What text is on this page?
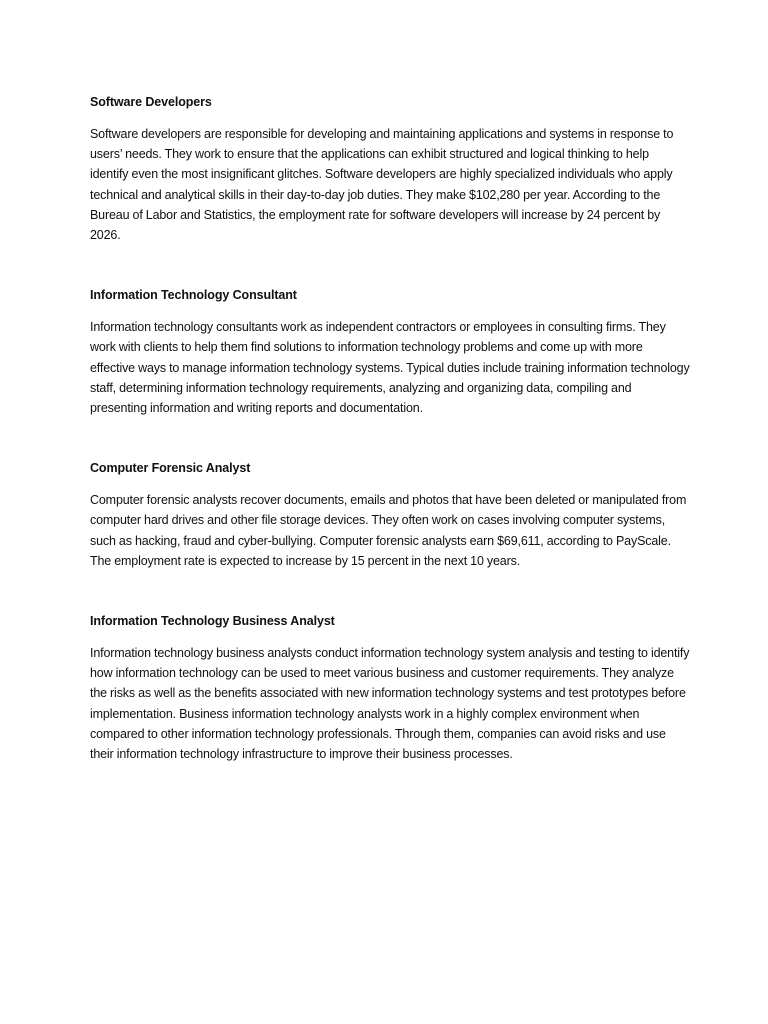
Software Developers

Software developers are responsible for developing and maintaining applications and systems in response to users’ needs. They work to ensure that the applications can exhibit structured and logical thinking to help identify even the most insignificant glitches. Software developers are highly specialized individuals who apply technical and analytical skills in their day-to-day job duties. They make $102,280 per year. According to the Bureau of Labor and Statistics, the employment rate for software developers will increase by 24 percent by 2026.

Information Technology Consultant

Information technology consultants work as independent contractors or employees in consulting firms. They work with clients to help them find solutions to information technology problems and come up with more effective ways to manage information technology systems. Typical duties include training information technology staff, determining information technology requirements, analyzing and organizing data, compiling and presenting information and writing reports and documentation.

Computer Forensic Analyst

Computer forensic analysts recover documents, emails and photos that have been deleted or manipulated from computer hard drives and other file storage devices. They often work on cases involving computer systems, such as hacking, fraud and cyber-bullying. Computer forensic analysts earn $69,611, according to PayScale. The employment rate is expected to increase by 15 percent in the next 10 years.

Information Technology Business Analyst

Information technology business analysts conduct information technology system analysis and testing to identify how information technology can be used to meet various business and customer requirements. They analyze the risks as well as the benefits associated with new information technology systems and test prototypes before implementation. Business information technology analysts work in a highly complex environment when compared to other information technology professionals. Through them, companies can avoid risks and use their information technology infrastructure to improve their business processes.
